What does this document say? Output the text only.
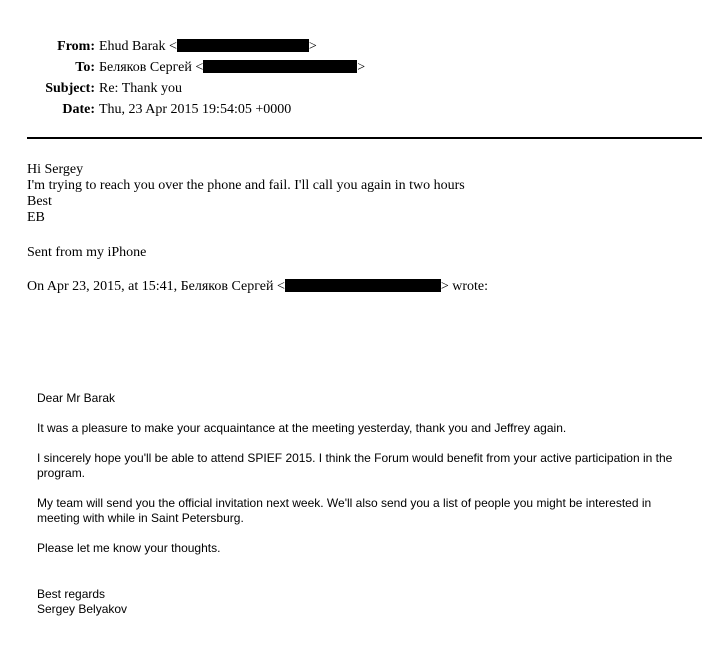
From: Ehud Barak <	>
To: Беляков Сергей <	>
Subject: Re: Thank you
Date: Thu, 23 Apr 2015 19:54:05 +0000
Hi Sergey
I'm trying to reach you over the phone and fail. I'll call you again in two hours
Best
EB
Sent from my iPhone
On Apr 23, 2015, at 15:41, Беляков Сергей <	> wrote:
Dear Mr Barak
It was a pleasure to make your acquaintance at the meeting yesterday, thank you and Jeffrey again.
I sincerely hope you'll be able to attend SPIEF 2015. I think the Forum would benefit from your active participation in the program.
My team will send you the official invitation next week. We'll also send you a list of people you might be interested in meeting with while in Saint Petersburg.
Please let me know your thoughts.
Best regards
Sergey Belyakov
